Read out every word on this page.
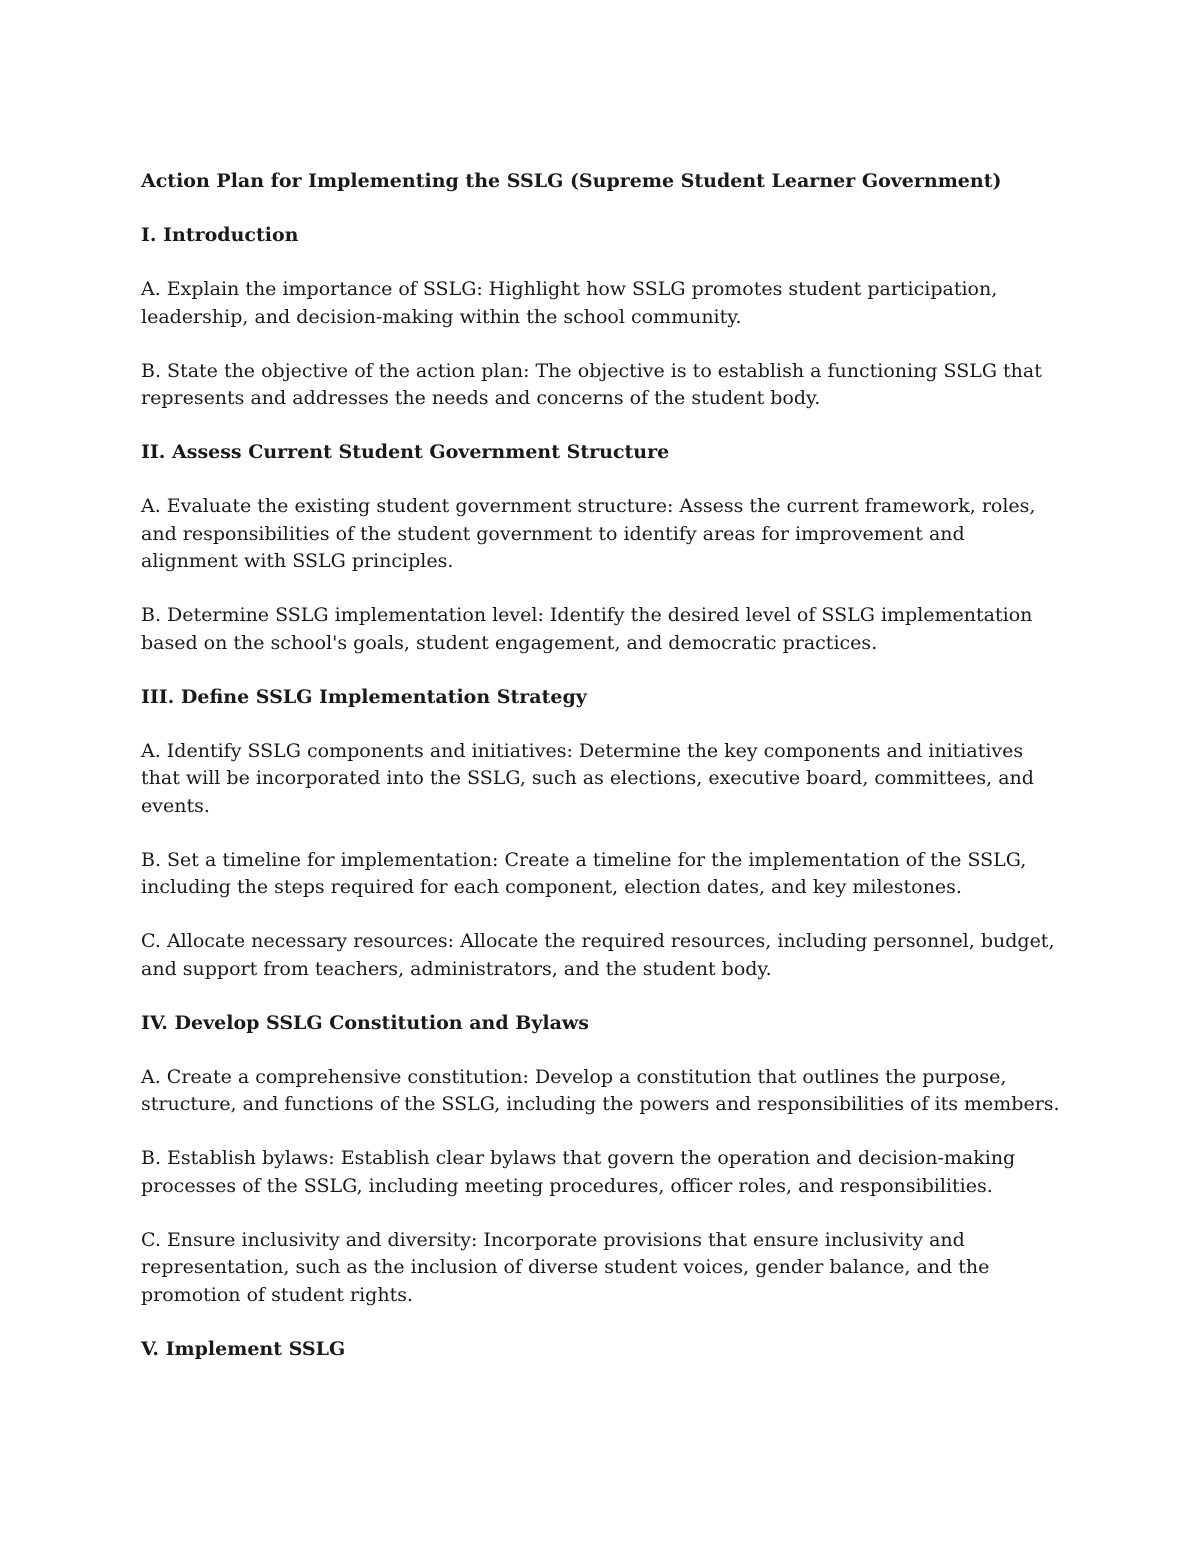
Action Plan for Implementing the SSLG (Supreme Student Learner Government)

I. Introduction

A. Explain the importance of SSLG: Highlight how SSLG promotes student participation, leadership, and decision-making within the school community.

B. State the objective of the action plan: The objective is to establish a functioning SSLG that represents and addresses the needs and concerns of the student body.

II. Assess Current Student Government Structure

A. Evaluate the existing student government structure: Assess the current framework, roles, and responsibilities of the student government to identify areas for improvement and alignment with SSLG principles.

B. Determine SSLG implementation level: Identify the desired level of SSLG implementation based on the school's goals, student engagement, and democratic practices.

III. Define SSLG Implementation Strategy

A. Identify SSLG components and initiatives: Determine the key components and initiatives that will be incorporated into the SSLG, such as elections, executive board, committees, and events.

B. Set a timeline for implementation: Create a timeline for the implementation of the SSLG, including the steps required for each component, election dates, and key milestones.

C. Allocate necessary resources: Allocate the required resources, including personnel, budget, and support from teachers, administrators, and the student body.

IV. Develop SSLG Constitution and Bylaws

A. Create a comprehensive constitution: Develop a constitution that outlines the purpose, structure, and functions of the SSLG, including the powers and responsibilities of its members.

B. Establish bylaws: Establish clear bylaws that govern the operation and decision-making processes of the SSLG, including meeting procedures, officer roles, and responsibilities.

C. Ensure inclusivity and diversity: Incorporate provisions that ensure inclusivity and representation, such as the inclusion of diverse student voices, gender balance, and the promotion of student rights.

V. Implement SSLG
